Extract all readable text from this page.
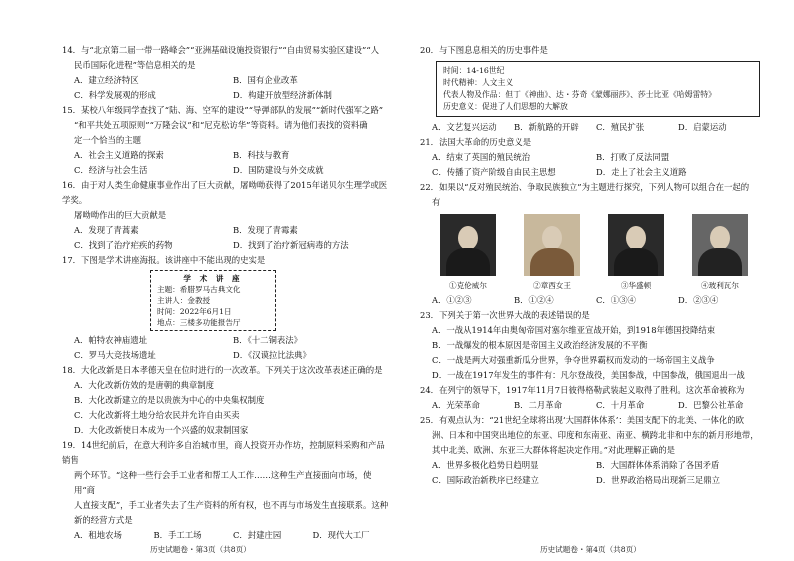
14．与“北京第二届一带一路峰会”“亚洲基础设施投资银行”“自由贸易实验区建设”“人

民币国际化进程”等信息相关的是

A．建立经济特区	B．国有企业改革
C．科学发展观的形成	D．构建开放型经济新体制

15．某校八年级同学查找了“陆、海、空军的建设”“导弹部队的发展”“新时代强军之路”

“和平共处五项原则”“万隆会议”和“尼克松访华”等资料。请为他们表找的资料确

定一个恰当的主题

A．社会主义道路的探索	B．科技与教育
C．经济与社会生活	D．国防建设与外交成就

16．由于对人类生命健康事业作出了巨大贡献，屠呦呦获得了2015年诺贝尔生理学或医学奖。

屠呦呦作出的巨大贡献是

A．发现了青蒿素	B．发现了青霉素
C．找到了治疗疟疾的药物	D．找到了治疗新冠病毒的方法

17．下图是学术讲座海报。该讲座中不能出现的史实是

学 术 讲 座
主题：希腊罗马古典文化
主讲人：金教授
时间：2022年6月1日
地点：三楼多功能报告厅
A．帕特农神庙遗址	B．《十二铜表法》
C．罗马大竞技场遗址	D．《汉谟拉比法典》

18．大化改新是日本孝德天皇在位时进行的一次改革。下列关于这次改革表述正确的是

A．大化改新仿效的是唐朝的典章制度

B．大化改新建立的是以贵族为中心的中央集权制度

C．大化改新将土地分给农民并允许自由买卖

D．大化改新使日本成为一个兴盛的奴隶制国家

19．14世纪前后，在意大利许多自治城市里，商人投资开办作坊，控制原料采购和产品销售

两个环节。“这种一些行会手工业者和帮工人工作……这种生产直接面向市场，使用“商

人直接支配”，手工业者失去了生产资料的所有权，也不再与市场发生直接联系。这种

新的经营方式是

A．租地农场	B．手工工场	C．封建庄园	D．现代大工厂
历史试题卷・第3页（共8页）

20．与下图息息相关的历史事件是

时间：14-16世纪
时代精神：人文主义
代表人物及作品：但丁《神曲》、达・芬奇《蒙娜丽莎》、莎士比亚《哈姆雷特》
历史意义：促进了人们思想的大解放
A．文艺复兴运动	B．新航路的开辟	C．殖民扩张	D．启蒙运动

21．法国大革命的历史意义是

A．结束了英国的殖民统治	B．打败了反法同盟
C．传播了资产阶级自由民主思想	D．走上了社会主义道路

22．如果以“反对殖民统治、争取民族独立”为主题进行探究，下列人物可以组合在一起的

有

①克伦威尔	②章西女王	③华盛顿	④玻利瓦尔
A．①②③	B．①②④	C．①③④	D．②③④

23．下列关于第一次世界大战的表述错误的是

A．一战从1914年由奥匈帝国对塞尔维亚宣战开始，到1918年德国投降结束

B．一战爆发的根本原因是帝国主义政治经济发展的不平衡

C．一战是两大对强重新瓜分世界，争夺世界霸权而发动的一场帝国主义战争

D．一战在1917年发生的事件有：凡尔登战役，美国参战，中国参战，俄国退出一战

24．在列宁的领导下，1917年11月7日彼得格勒武装起义取得了胜利。这次革命被称为

A．光荣革命	B．二月革命	C．十月革命	D．巴黎公社革命

25．有观点认为：“21世纪全球将出现‘大国群体体系’：美国支配下的北美、一体化的欧

洲、日本和中国突出地位的东亚、印度和东南亚、南亚、横跨北非和中东的新月形地带，

其中北美、欧洲、东亚三大群体将起决定作用。”对此理解正确的是

A．世界多极化趋势日趋明显	B．大国群体体系消除了各国矛盾
C．国际政治新秩序已经建立	D．世界政治格局出现新三足鼎立
历史试题卷・第4页（共8页）
